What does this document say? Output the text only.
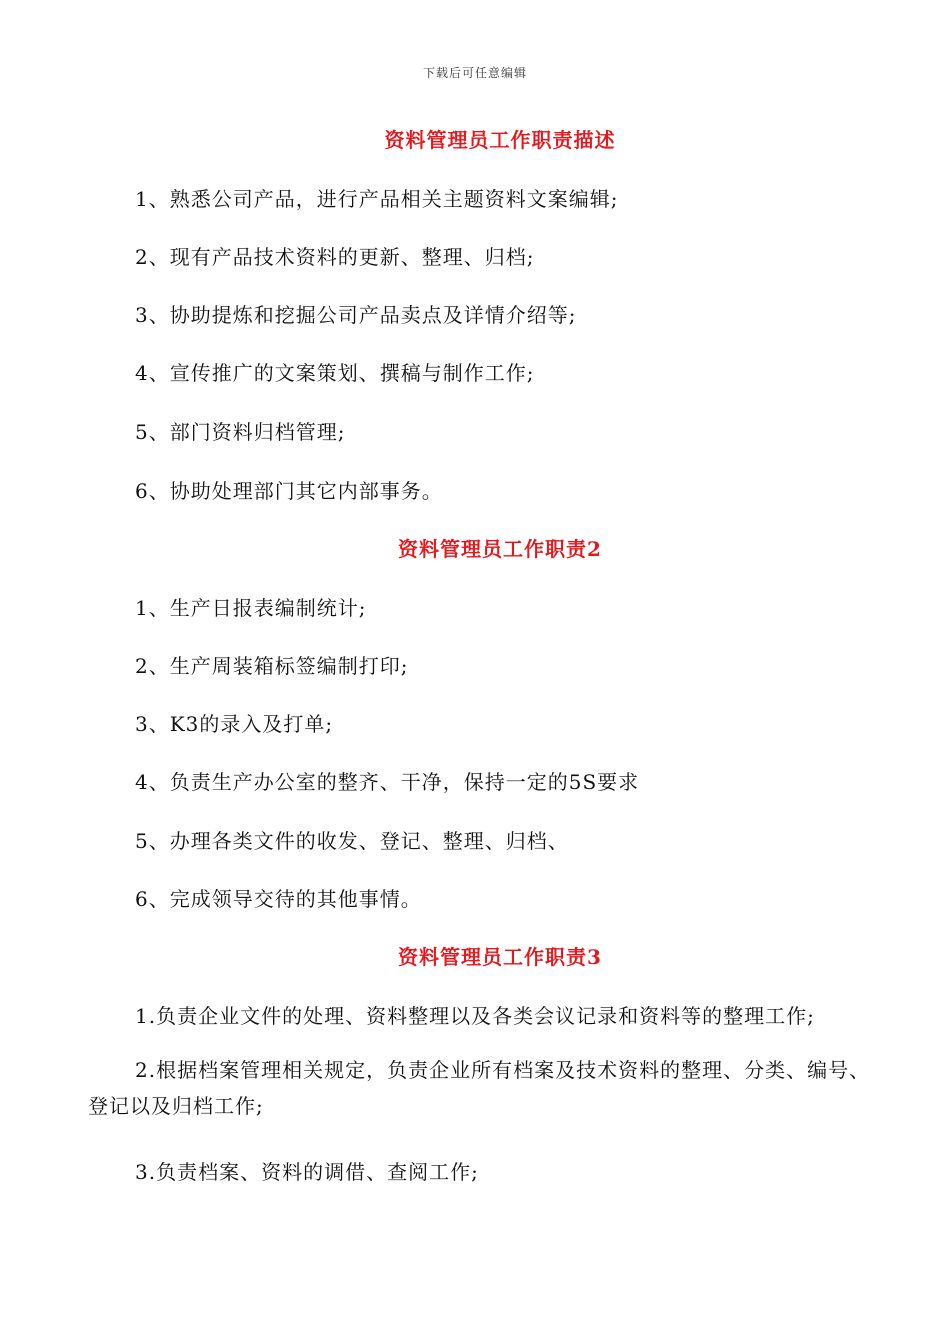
下载后可任意编辑
资料管理员工作职责描述
1、熟悉公司产品，进行产品相关主题资料文案编辑;
2、现有产品技术资料的更新、整理、归档;
3、协助提炼和挖掘公司产品卖点及详情介绍等;
4、宣传推广的文案策划、撰稿与制作工作;
5、部门资料归档管理;
6、协助处理部门其它内部事务。
资料管理员工作职责2
1、生产日报表编制统计;
2、生产周装箱标签编制打印;
3、K3的录入及打单;
4、负责生产办公室的整齐、干净，保持一定的5S要求
5、办理各类文件的收发、登记、整理、归档、
6、完成领导交待的其他事情。
资料管理员工作职责3
1.负责企业文件的处理、资料整理以及各类会议记录和资料等的整理工作;
2.根据档案管理相关规定，负责企业所有档案及技术资料的整理、分类、编号、登记以及归档工作;
3.负责档案、资料的调借、查阅工作;
